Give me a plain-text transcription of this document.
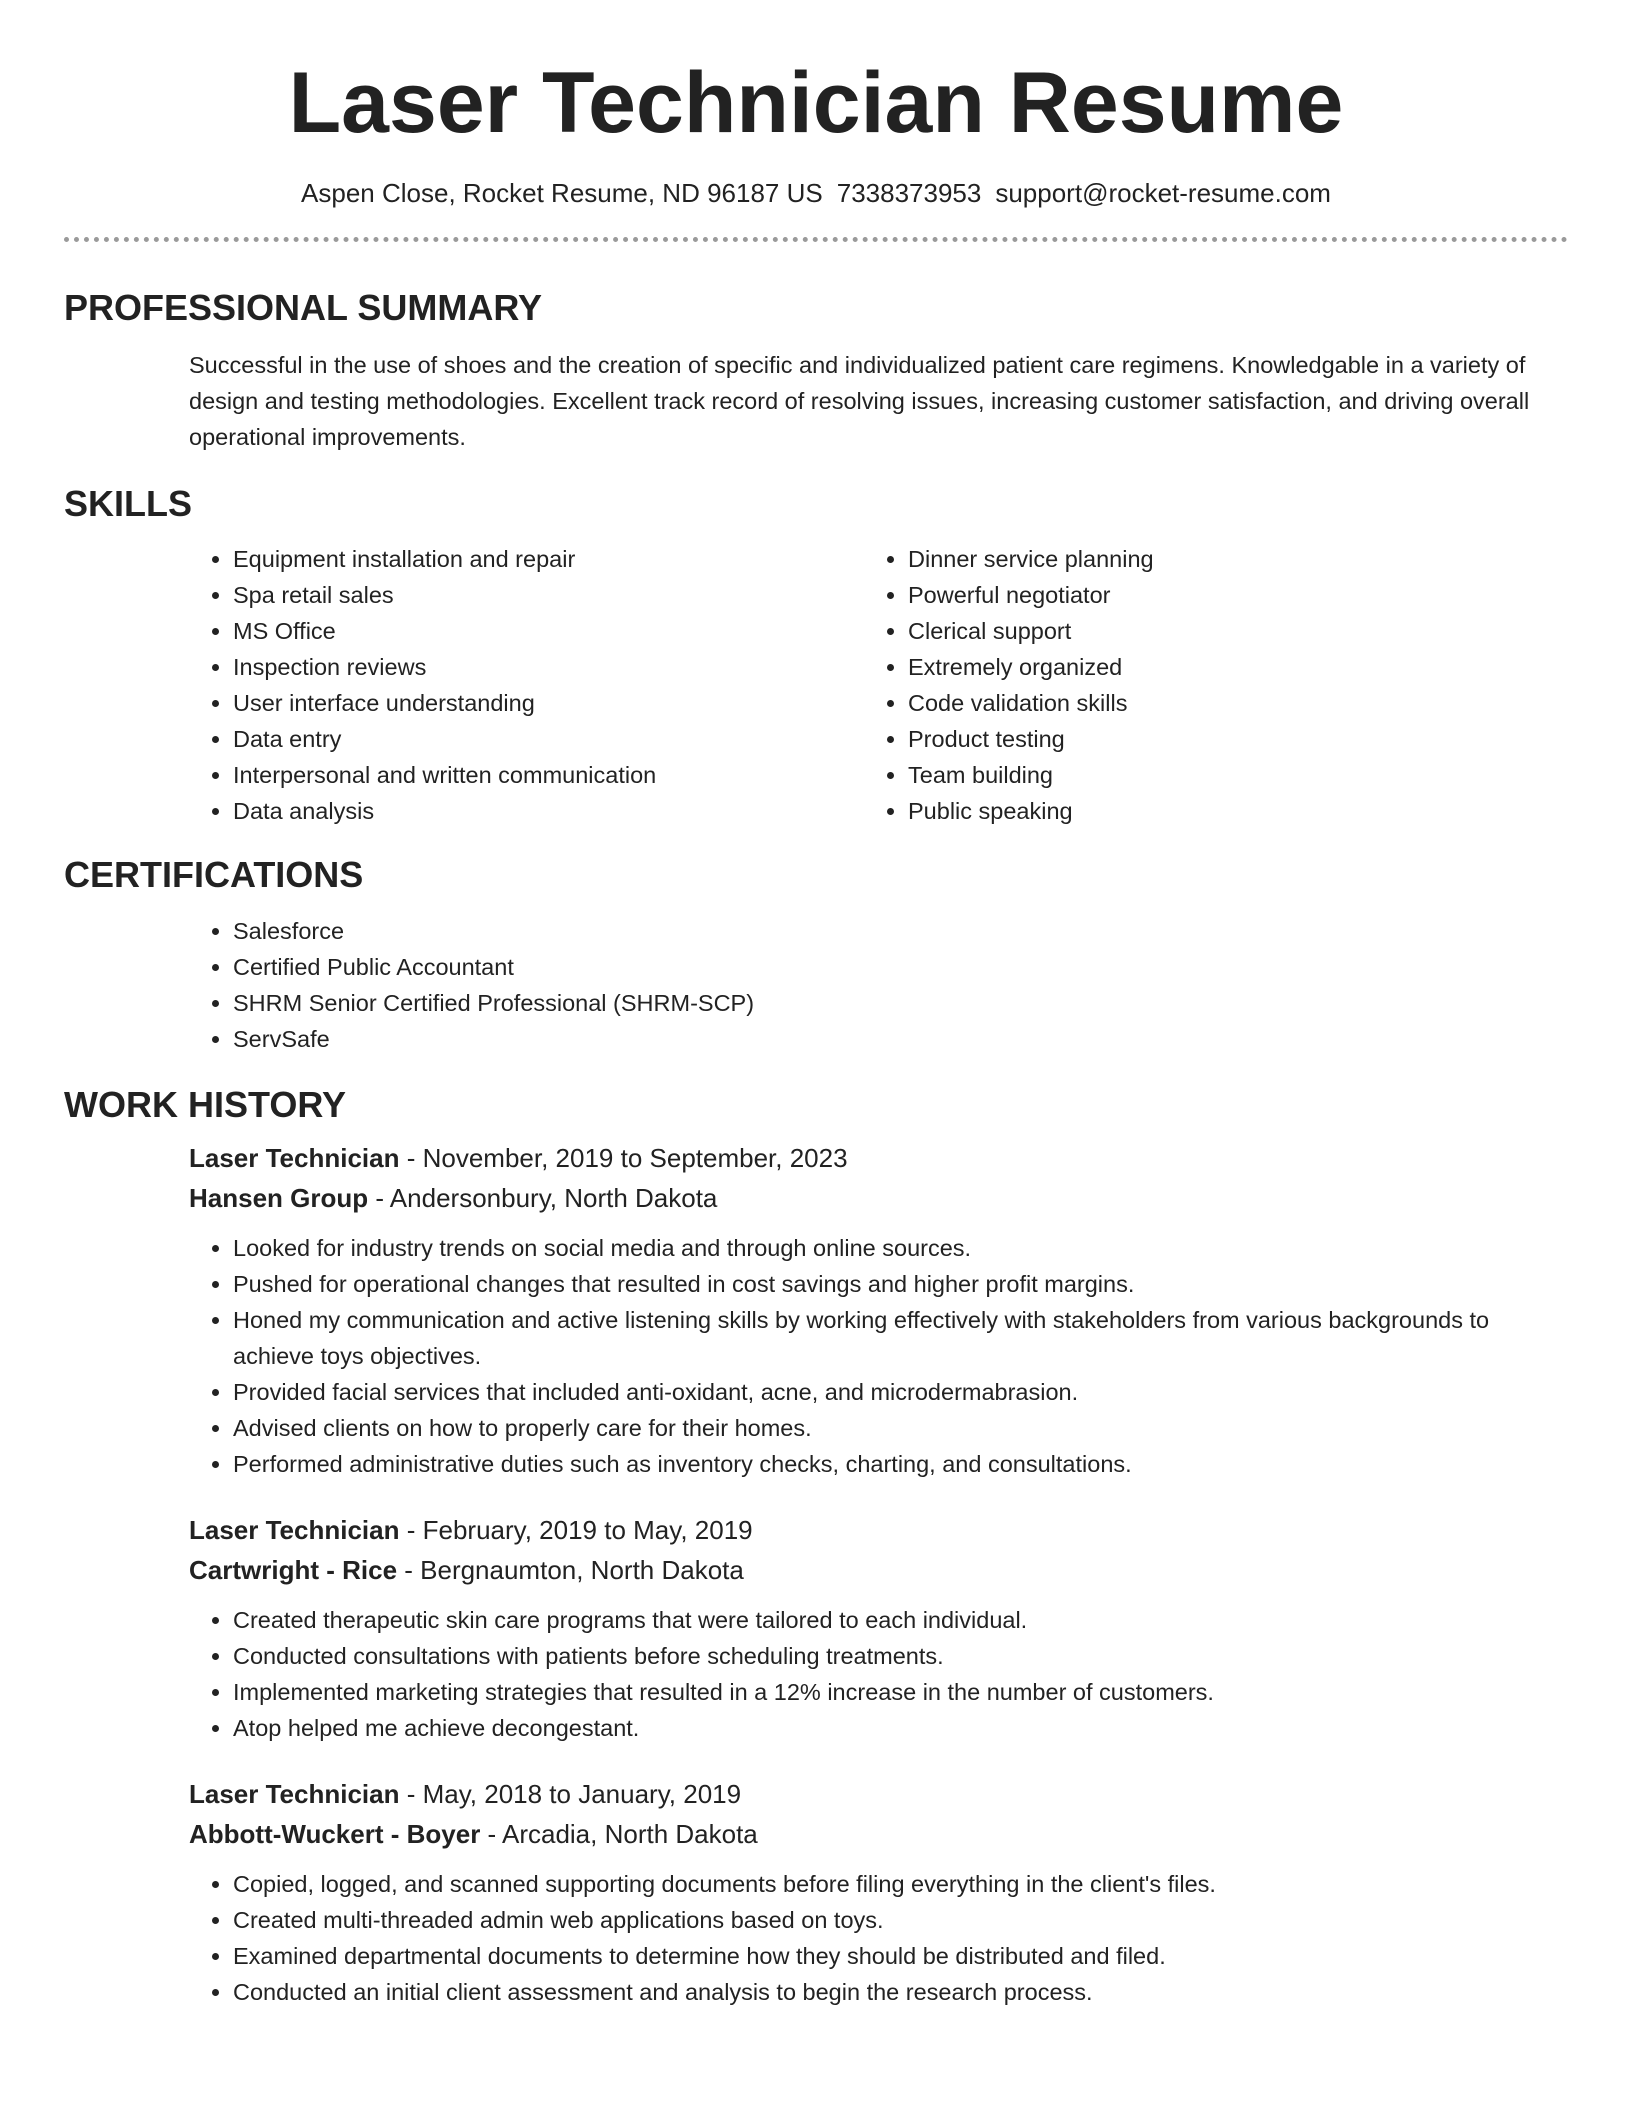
Laser Technician Resume
Aspen Close, Rocket Resume, ND 96187 US 7338373953 support@rocket-resume.com
PROFESSIONAL SUMMARY
Successful in the use of shoes and the creation of specific and individualized patient care regimens. Knowledgable in a variety of design and testing methodologies. Excellent track record of resolving issues, increasing customer satisfaction, and driving overall operational improvements.
SKILLS
• Equipment installation and repair
• Spa retail sales
• MS Office
• Inspection reviews
• User interface understanding
• Data entry
• Interpersonal and written communication
• Data analysis
• Dinner service planning
• Powerful negotiator
• Clerical support
• Extremely organized
• Code validation skills
• Product testing
• Team building
• Public speaking
CERTIFICATIONS
• Salesforce
• Certified Public Accountant
• SHRM Senior Certified Professional (SHRM-SCP)
• ServSafe
WORK HISTORY
Laser Technician - November, 2019 to September, 2023
Hansen Group - Andersonbury, North Dakota
• Looked for industry trends on social media and through online sources.
• Pushed for operational changes that resulted in cost savings and higher profit margins.
• Honed my communication and active listening skills by working effectively with stakeholders from various backgrounds to achieve toys objectives.
• Provided facial services that included anti-oxidant, acne, and microdermabrasion.
• Advised clients on how to properly care for their homes.
• Performed administrative duties such as inventory checks, charting, and consultations.
Laser Technician - February, 2019 to May, 2019
Cartwright - Rice - Bergnaumton, North Dakota
• Created therapeutic skin care programs that were tailored to each individual.
• Conducted consultations with patients before scheduling treatments.
• Implemented marketing strategies that resulted in a 12% increase in the number of customers.
• Atop helped me achieve decongestant.
Laser Technician - May, 2018 to January, 2019
Abbott-Wuckert - Boyer - Arcadia, North Dakota
• Copied, logged, and scanned supporting documents before filing everything in the client's files.
• Created multi-threaded admin web applications based on toys.
• Examined departmental documents to determine how they should be distributed and filed.
• Conducted an initial client assessment and analysis to begin the research process.
